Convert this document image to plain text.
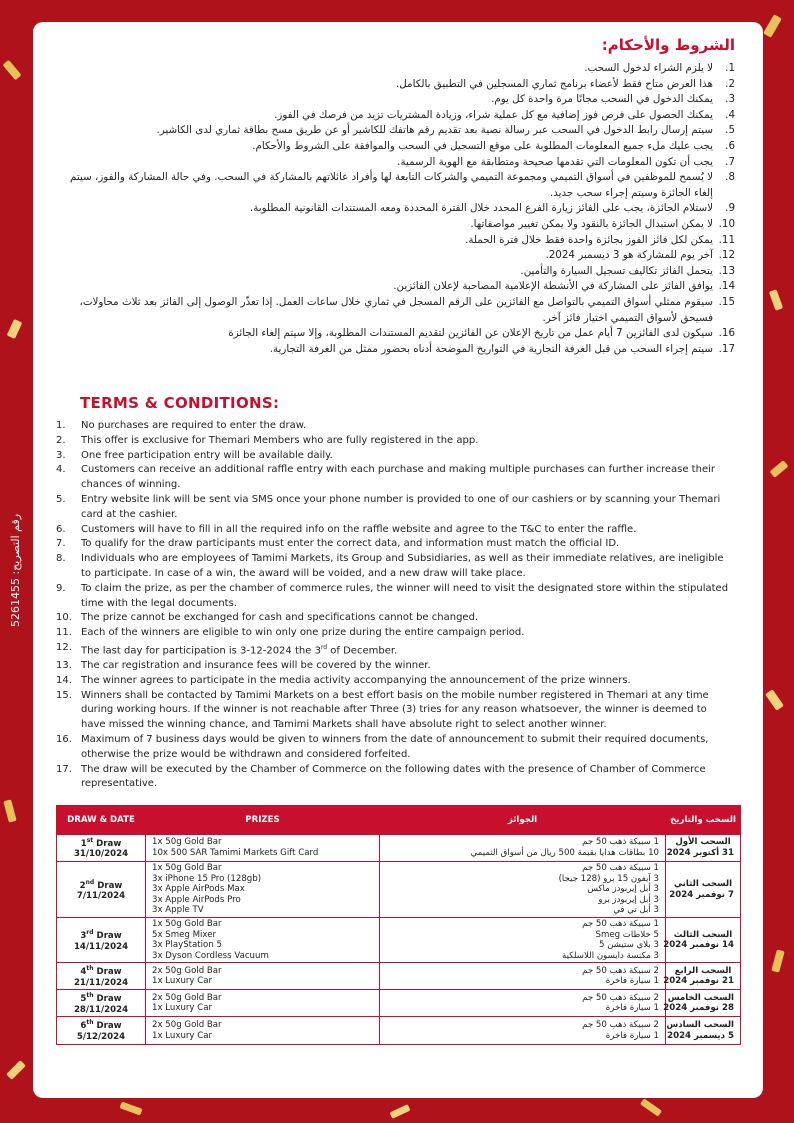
رقم التصريح: 5261455
الشروط والأحكام:
1.
لا يلزم الشراء لدخول السحب.
2.
هذا العرض متاح فقط لأعضاء برنامج ثماري المسجلين في التطبيق بالكامل.
3.
يمكنك الدخول في السحب مجانًا مرة واحدة كل يوم.
4.
يمكنك الحصول على فرص فوز إضافية مع كل عملية شراء، وزيادة المشتريات تزيد من فرصك في الفوز.
5.
سيتم إرسال رابط الدخول في السحب عبر رسالة نصية بعد تقديم رقم هاتفك للكاشير أو عن طريق مسح بطاقة ثماري لدى الكاشير.
6.
يجب عليك ملء جميع المعلومات المطلوبة على موقع التسجيل في السحب والموافقة على الشروط والأحكام.
7.
يجب أن تكون المعلومات التي تقدمها صحيحة ومتطابقة مع الهوية الرسمية.
8.
لا يُسمح للموظفين في أسواق التميمي ومجموعة التميمي والشركات التابعة لها وأفراد عائلاتهم بالمشاركة في السحب. وفي حالة المشاركة والفوز، سيتم إلغاء الجائزة وسيتم إجراء سحب جديد.
9.
لاستلام الجائزة، يجب على الفائز زيارة الفرع المحدد خلال الفترة المحددة ومعه المستندات القانونية المطلوبة.
10.
لا يمكن استبدال الجائزة بالنقود ولا يمكن تغيير مواصفاتها.
11.
يمكن لكل فائز الفوز بجائزة واحدة فقط خلال فترة الحملة.
12.
آخر يوم للمشاركة هو 3 ديسمبر 2024.
13.
يتحمل الفائز تكاليف تسجيل السيارة والتأمين.
14.
يوافق الفائز على المشاركة في الأنشطة الإعلامية المصاحبة لإعلان الفائزين.
15.
سيقوم ممثلي أسواق التميمي بالتواصل مع الفائزين على الرقم المسجل في ثماري خلال ساعات العمل. إذا تعذّر الوصول إلى الفائز بعد ثلاث محاولات، فسيحق لأسواق التميمي اختيار فائز آخر.
16.
سيكون لدى الفائزين 7 أيام عمل من تاريخ الإعلان عن الفائزين لتقديم المستندات المطلوبة، وإلا سيتم إلغاء الجائزة
17.
سيتم إجراء السحب من قبل الغرفة التجارية في التواريخ الموضحة أدناه بحضور ممثل من الغرفة التجارية.
TERMS & CONDITIONS:
1.	No purchases are required to enter the draw.
2.	This offer is exclusive for Themari Members who are fully registered in the app.
3.	One free participation entry will be available daily.
4.	Customers can receive an additional raffle entry with each purchase and making multiple purchases can further increase their chances of winning.
5.	Entry website link will be sent via SMS once your phone number is provided to one of our cashiers or by scanning your Themari card at the cashier.
6.	Customers will have to fill in all the required info on the raffle website and agree to the T&C to enter the raffle.
7.	To qualify for the draw participants must enter the correct data, and information must match the official ID.
8.	Individuals who are employees of Tamimi Markets, its Group and Subsidiaries, as well as their immediate relatives, are ineligible to participate. In case of a win, the award will be voided, and a new draw will take place.
9.	To claim the prize, as per the chamber of commerce rules, the winner will need to visit the designated store within the stipulated time with the legal documents.
10. The prize cannot be exchanged for cash and specifications cannot be changed.
11. Each of the winners are eligible to win only one prize during the entire campaign period.
12. The last day for participation is 3-12-2024 the 3rd of December.
13. The car registration and insurance fees will be covered by the winner.
14. The winner agrees to participate in the media activity accompanying the announcement of the prize winners.
15. Winners shall be contacted by Tamimi Markets on a best effort basis on the mobile number registered in Themari at any time during working hours. If the winner is not reachable after Three (3) tries for any reason whatsoever, the winner is deemed to have missed the winning chance, and Tamimi Markets shall have absolute right to select another winner.
16. Maximum of 7 business days would be given to winners from the date of announcement to submit their required documents, otherwise the prize would be withdrawn and considered forfeited.
17. The draw will be executed by the Chamber of Commerce on the following dates with the presence of Chamber of Commerce representative.
DRAW & DATE	PRIZES	الجوائز	السحب والتاريخ

1st Draw
31/10/2024	1x 50g Gold Bar
10x 500 SAR Tamimi Markets Gift Card	1 سبيكة ذهب 50 جم
10 بطاقات هدايا بقيمة 500 ريال من أسواق التميمي	السحب الأول
31 أكتوبر 2024

2nd Draw
7/11/2024	1x 50g Gold Bar
3x iPhone 15 Pro (128gb)
3x Apple AirPods Max
3x Apple AirPods Pro
3x Apple TV	1 سبيكة ذهب 50 جم
3 آيفون 15 برو (128 جيجا)
3 أبل إيربودز ماكس
3 أبل إيربودز برو
3 أبل تي في	السحب الثاني
7 نوفمبر 2024

3rd Draw
14/11/2024	1x 50g Gold Bar
5x Smeg Mixer
3x PlayStation 5
3x Dyson Cordless Vacuum	1 سبيكة ذهب 50 جم
5 خلاطات Smeg
3 بلاي ستيشن 5
3 مكنسة دايسون اللاسلكية	السحب الثالث
14 نوفمبر 2024

4th Draw
21/11/2024	2x 50g Gold Bar
1x Luxury Car	2 سبيكة ذهب 50 جم
1 سيارة فاخرة	السحب الرابع
21 نوفمبر 2024

5th Draw
28/11/2024	2x 50g Gold Bar
1x Luxury Car	2 سبيكة ذهب 50 جم
1 سيارة فاخرة	السحب الخامس
28 نوفمبر 2024

6th Draw
5/12/2024	2x 50g Gold Bar
1x Luxury Car	2 سبيكة ذهب 50 جم
1 سيارة فاخرة	السحب السادس
5 ديسمبر 2024
